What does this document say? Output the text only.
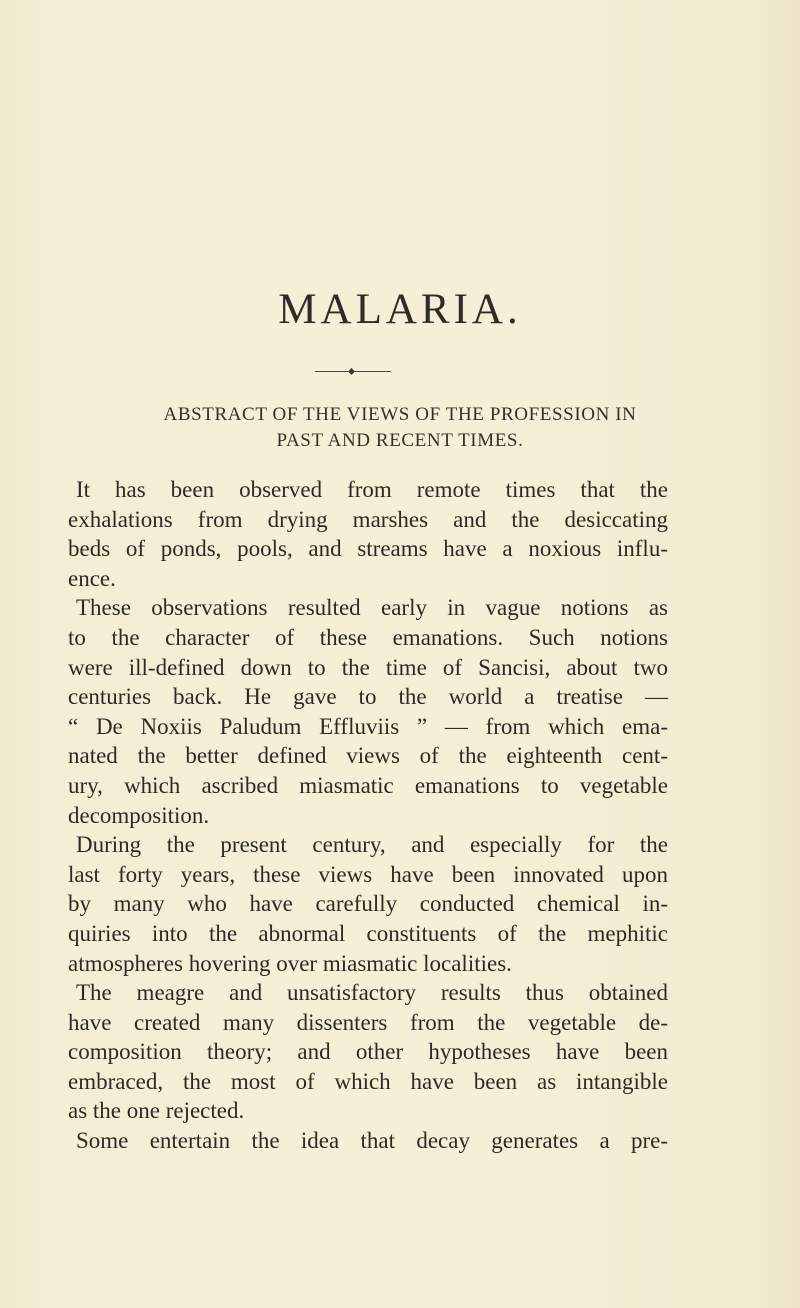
MALARIA.
ABSTRACT OF THE VIEWS OF THE PROFESSION IN
PAST AND RECENT TIMES.
It has been observed from remote times that the
exhalations from drying marshes and the desiccating
beds of ponds, pools, and streams have a noxious influ-
ence.
These observations resulted early in vague notions as
to the character of these emanations. Such notions
were ill-defined down to the time of Sancisi, about two
centuries back. He gave to the world a treatise —
“ De Noxiis Paludum Effluviis ” — from which ema-
nated the better defined views of the eighteenth cent-
ury, which ascribed miasmatic emanations to vegetable
decomposition.
During the present century, and especially for the
last forty years, these views have been innovated upon
by many who have carefully conducted chemical in-
quiries into the abnormal constituents of the mephitic
atmospheres hovering over miasmatic localities.
The meagre and unsatisfactory results thus obtained
have created many dissenters from the vegetable de-
composition theory; and other hypotheses have been
embraced, the most of which have been as intangible
as the one rejected.
Some entertain the idea that decay generates a pre-
